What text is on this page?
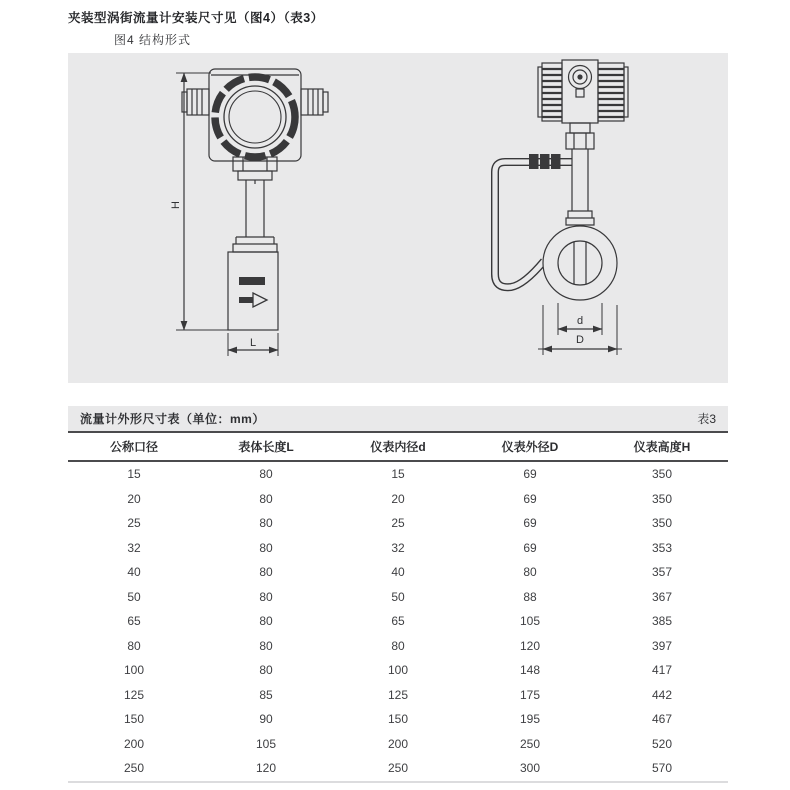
夹装型涡街流量计安装尺寸见（图4）（表3）
图4 结构形式
H
L
d
D
流量计外形尺寸表（单位：mm）	表3
公称口径	表体长度L	仪表内径d	仪表外径D	仪表高度H
15	80	15	69	350
20	80	20	69	350
25	80	25	69	350
32	80	32	69	353
40	80	40	80	357
50	80	50	88	367
65	80	65	105	385
80	80	80	120	397
100	80	100	148	417
125	85	125	175	442
150	90	150	195	467
200	105	200	250	520
250	120	250	300	570
